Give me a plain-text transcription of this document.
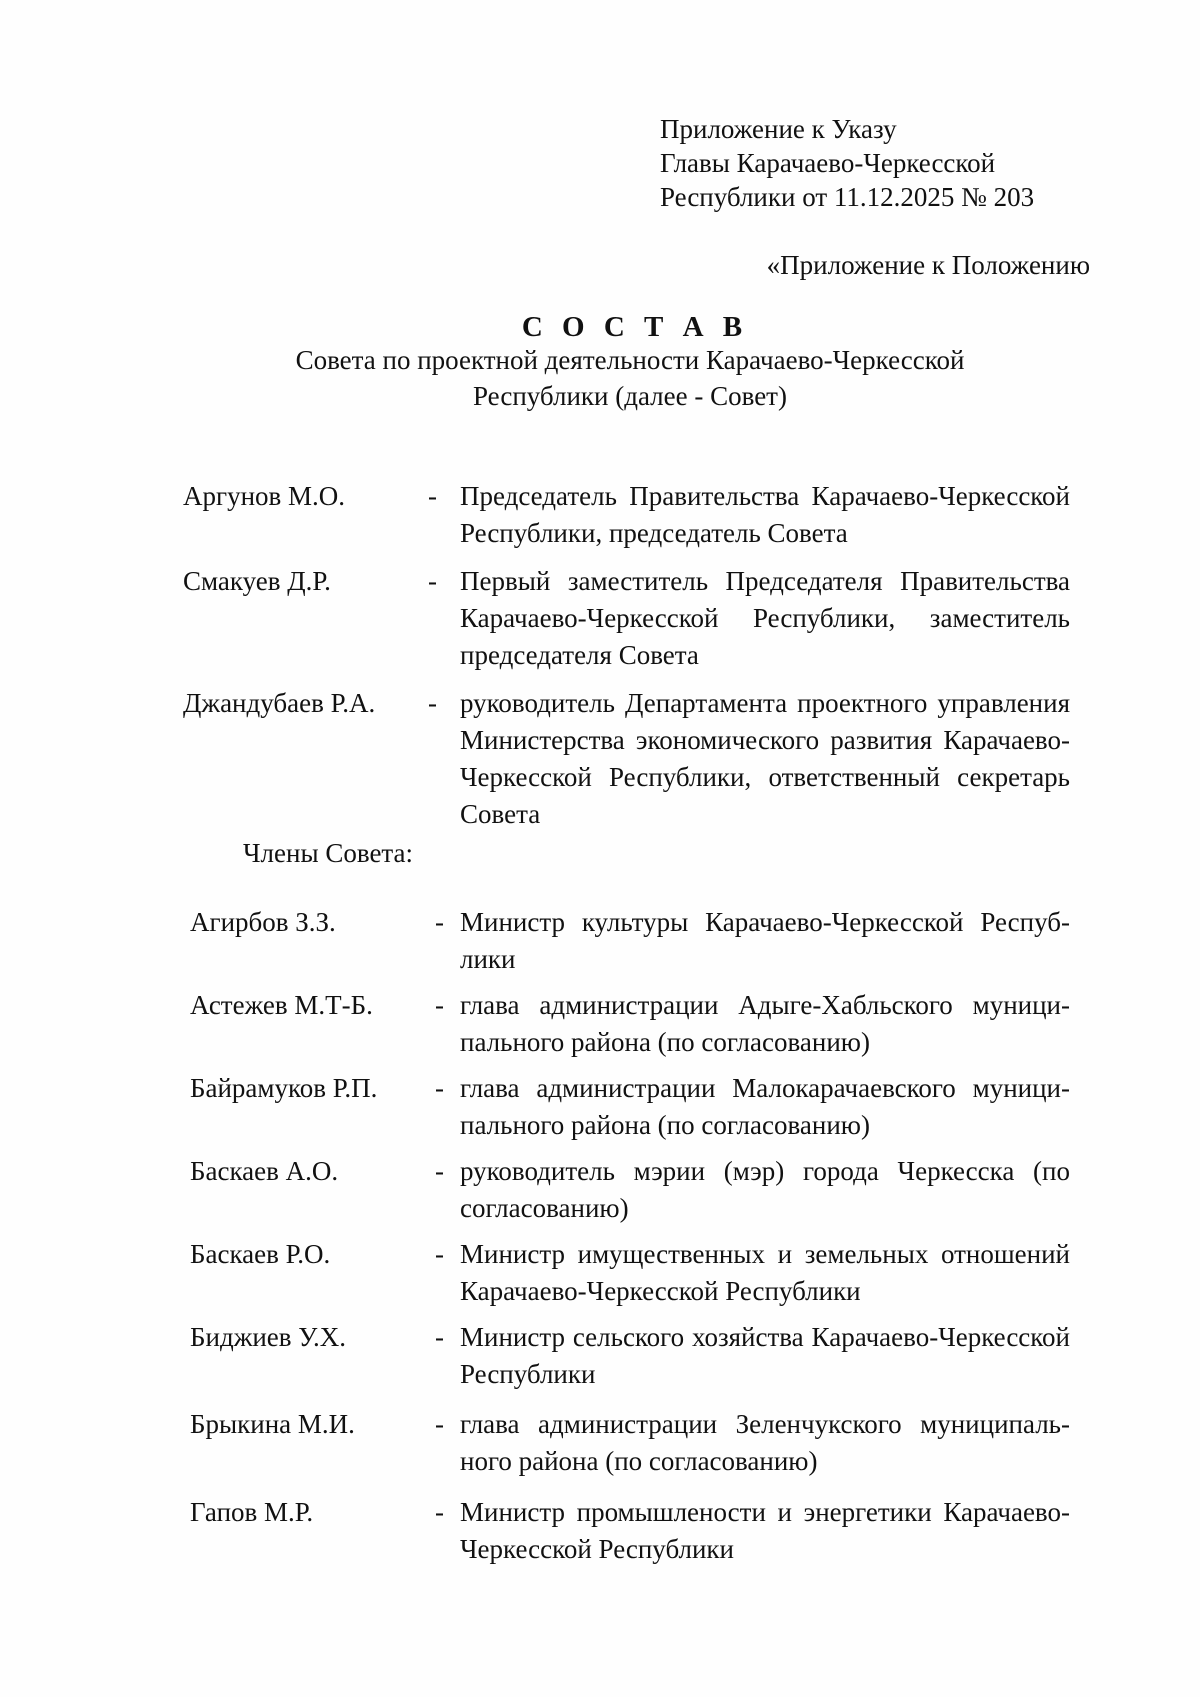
Приложение к Указу
Главы Карачаево-Черкесской
Республики от 11.12.2025 № 203
«Приложение к Положению
С О С Т А В
Совета по проектной деятельности Карачаево-Черкесской
Республики (далее - Совет)
Аргунов М.О.	- Председатель Правительства Карачаево-Черкесской Республики, председатель Совета
Смакуев Д.Р.	- Первый заместитель Председателя Правительства Карачаево-Черкесской Республики, заместитель председателя Совета
Джандубаев Р.А. - руководитель Департамента проектного управления Министерства экономического развития Карачаево-Черкесской Республики, ответственный секретарь Совета
Члены Совета:
Агирбов З.З.	- Министр культуры Карачаево-Черкесской Республики
Астежев М.Т-Б. - глава администрации Адыге-Хабльского муниципального района (по согласованию)
Байрамуков Р.П. - глава администрации Малокарачаевского муниципального района (по согласованию)
Баскаев А.О.	- руководитель мэрии (мэр) города Черкесска (по согласованию)
Баскаев Р.О.	- Министр имущественных и земельных отношений Карачаево-Черкесской Республики
Биджиев У.Х.	- Министр сельского хозяйства Карачаево-Черкесской Республики
Брыкина М.И.	- глава администрации Зеленчукского муниципального района (по согласованию)
Гапов М.Р.	- Министр промышлености и энергетики Карачаево-Черкесской Республики
